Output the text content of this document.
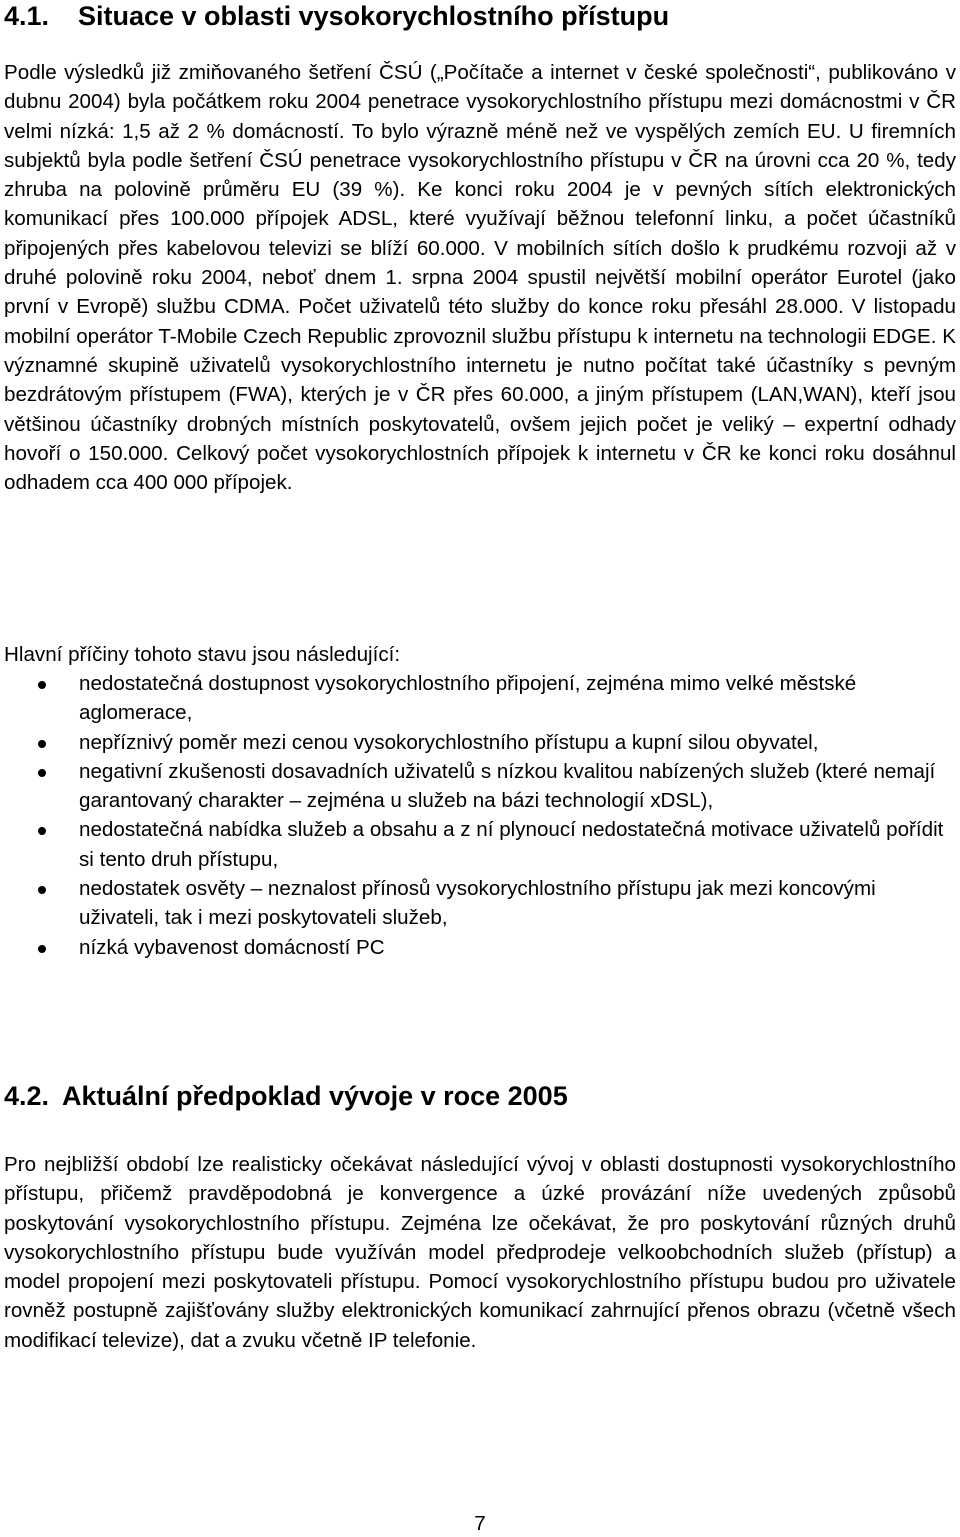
4.1. Situace v oblasti vysokorychlostního přístupu

Podle výsledků již zmiňovaného šetření ČSÚ („Počítače a internet v české společnosti“, publikováno v dubnu 2004) byla počátkem roku 2004 penetrace vysokorychlostního přístupu mezi domácnostmi v ČR velmi nízká: 1,5 až 2 % domácností. To bylo výrazně méně než ve vyspělých zemích EU. U firemních subjektů byla podle šetření ČSÚ penetrace vysokorychlostního přístupu v ČR na úrovni cca 20 %, tedy zhruba na polovině průměru EU (39 %). Ke konci roku 2004 je v pevných sítích elektronických komunikací přes 100.000 přípojek ADSL, které využívají běžnou telefonní linku, a počet účastníků připojených přes kabelovou televizi se blíží 60.000. V mobilních sítích došlo k prudkému rozvoji až v druhé polovině roku 2004, neboť dnem 1. srpna 2004 spustil největší mobilní operátor Eurotel (jako první v Evropě) službu CDMA. Počet uživatelů této služby do konce roku přesáhl 28.000. V listopadu mobilní operátor T-Mobile Czech Republic zprovoznil službu přístupu k internetu na technologii EDGE. K významné skupině uživatelů vysokorychlostního internetu je nutno počítat také účastníky s pevným bezdrátovým přístupem (FWA), kterých je v ČR přes 60.000, a jiným přístupem (LAN,WAN), kteří jsou většinou účastníky drobných místních poskytovatelů, ovšem jejich počet je veliký – expertní odhady hovoří o 150.000. Celkový počet vysokorychlostních přípojek k internetu v ČR ke konci roku dosáhnul odhadem cca 400 000 přípojek.

Hlavní příčiny tohoto stavu jsou následující:

nedostatečná dostupnost vysokorychlostního připojení, zejména mimo velké městské aglomerace,
nepříznivý poměr mezi cenou vysokorychlostního přístupu a kupní silou obyvatel,
negativní zkušenosti dosavadních uživatelů s nízkou kvalitou nabízených služeb (které nemají garantovaný charakter – zejména u služeb na bázi technologií xDSL),
nedostatečná nabídka služeb a obsahu a z ní plynoucí nedostatečná motivace uživatelů pořídit si tento druh přístupu,
nedostatek osvěty – neznalost přínosů vysokorychlostního přístupu jak mezi koncovými uživateli, tak i mezi poskytovateli služeb,
nízká vybavenost domácností PC
4.2. Aktuální předpoklad vývoje v roce 2005

Pro nejbližší období lze realisticky očekávat následující vývoj v oblasti dostupnosti vysokorychlostního přístupu, přičemž pravděpodobná je konvergence a úzké provázání níže uvedených způsobů poskytování vysokorychlostního přístupu. Zejména lze očekávat, že pro poskytování různých druhů vysokorychlostního přístupu bude využíván model předprodeje velkoobchodních služeb (přístup) a model propojení mezi poskytovateli přístupu. Pomocí vysokorychlostního přístupu budou pro uživatele rovněž postupně zajišťovány služby elektronických komunikací zahrnující přenos obrazu (včetně všech modifikací televize), dat a zvuku včetně IP telefonie.

7
